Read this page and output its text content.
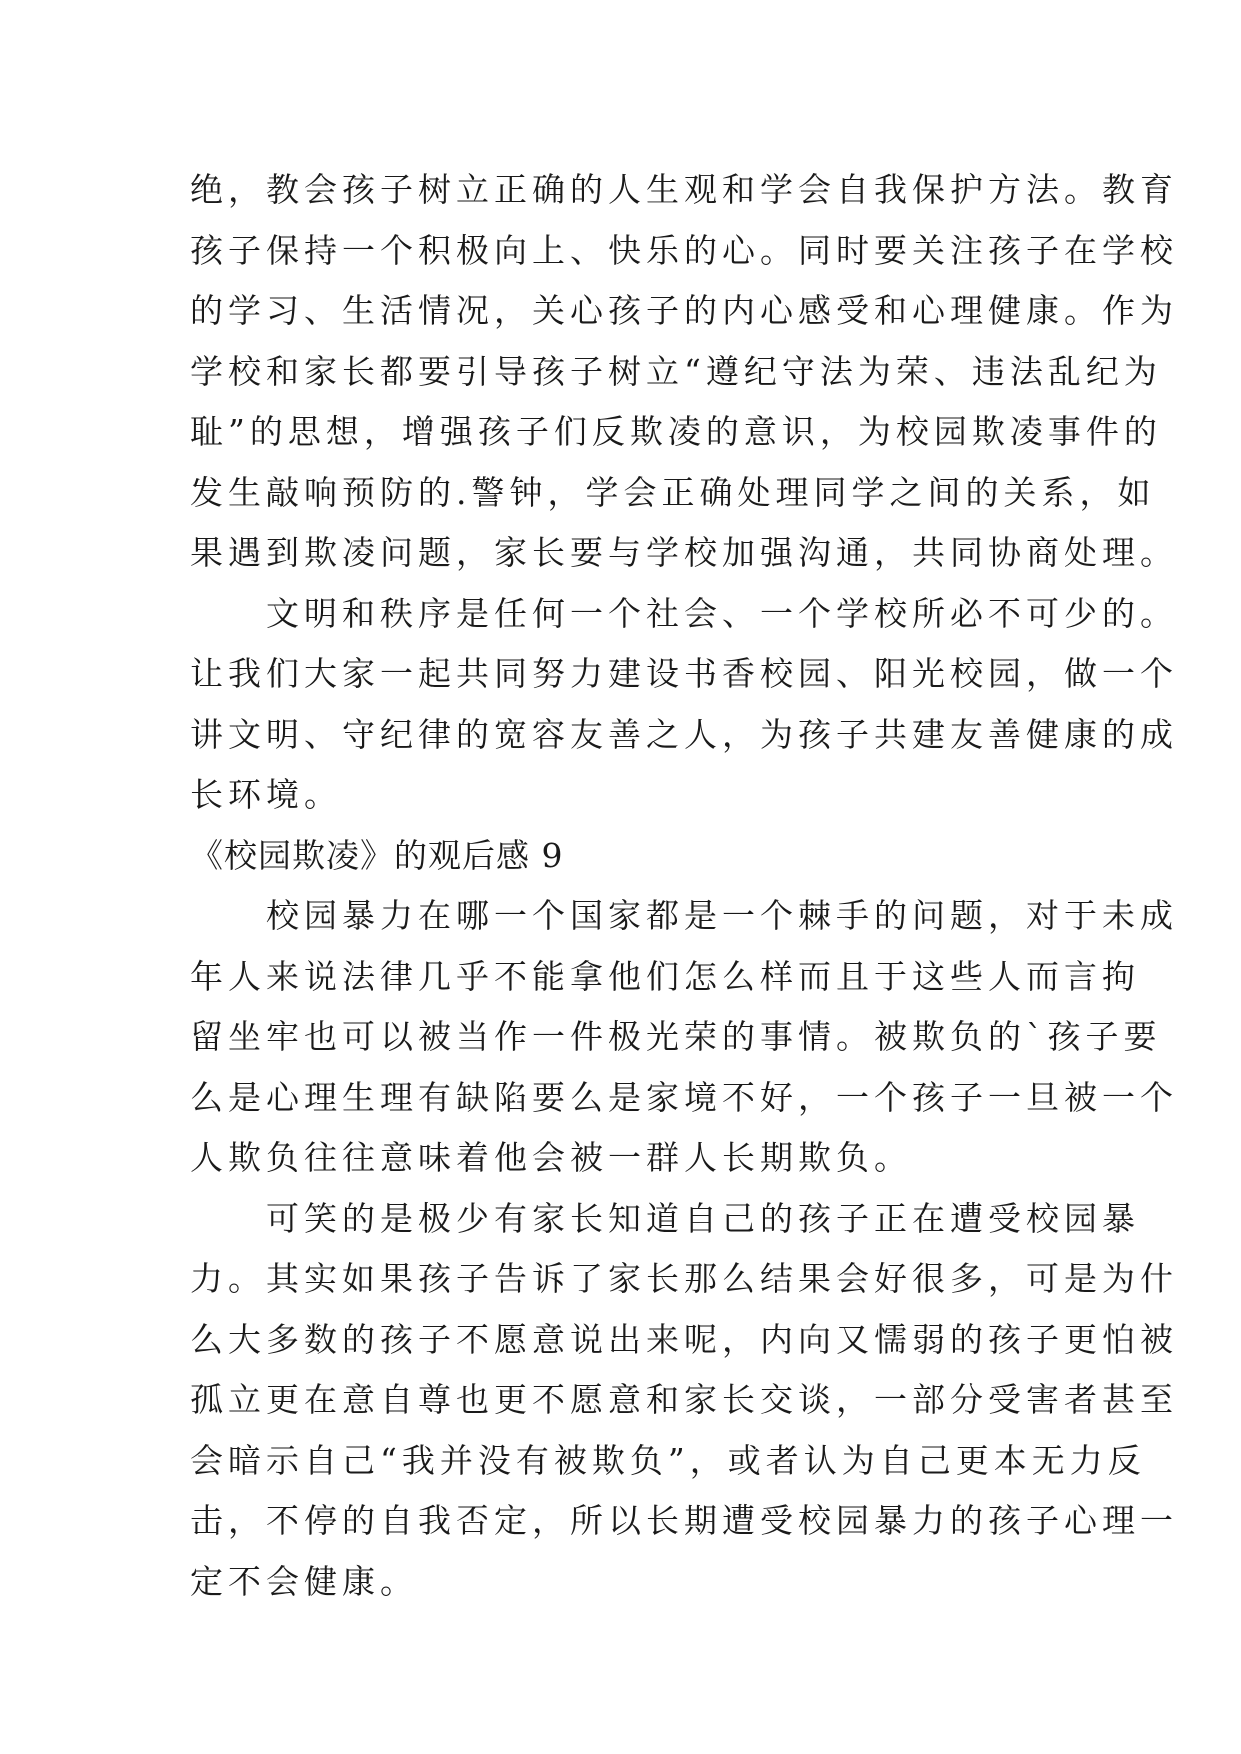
绝，教会孩子树立正确的人生观和学会自我保护方法。教育
孩子保持一个积极向上、快乐的心。同时要关注孩子在学校
的学习、生活情况，关心孩子的内心感受和心理健康。作为
学校和家长都要引导孩子树立“遵纪守法为荣、违法乱纪为
耻”的思想，增强孩子们反欺凌的意识，为校园欺凌事件的
发生敲响预防的.警钟，学会正确处理同学之间的关系，如
果遇到欺凌问题，家长要与学校加强沟通，共同协商处理。
文明和秩序是任何一个社会、一个学校所必不可少的。
让我们大家一起共同努力建设书香校园、阳光校园，做一个
讲文明、守纪律的宽容友善之人，为孩子共建友善健康的成
长环境。
《校园欺凌》的观后感 9
校园暴力在哪一个国家都是一个棘手的问题，对于未成
年人来说法律几乎不能拿他们怎么样而且于这些人而言拘
留坐牢也可以被当作一件极光荣的事情。被欺负的`孩子要
么是心理生理有缺陷要么是家境不好，一个孩子一旦被一个
人欺负往往意味着他会被一群人长期欺负。
可笑的是极少有家长知道自己的孩子正在遭受校园暴
力。其实如果孩子告诉了家长那么结果会好很多，可是为什
么大多数的孩子不愿意说出来呢，内向又懦弱的孩子更怕被
孤立更在意自尊也更不愿意和家长交谈，一部分受害者甚至
会暗示自己“我并没有被欺负”，或者认为自己更本无力反
击，不停的自我否定，所以长期遭受校园暴力的孩子心理一
定不会健康。
